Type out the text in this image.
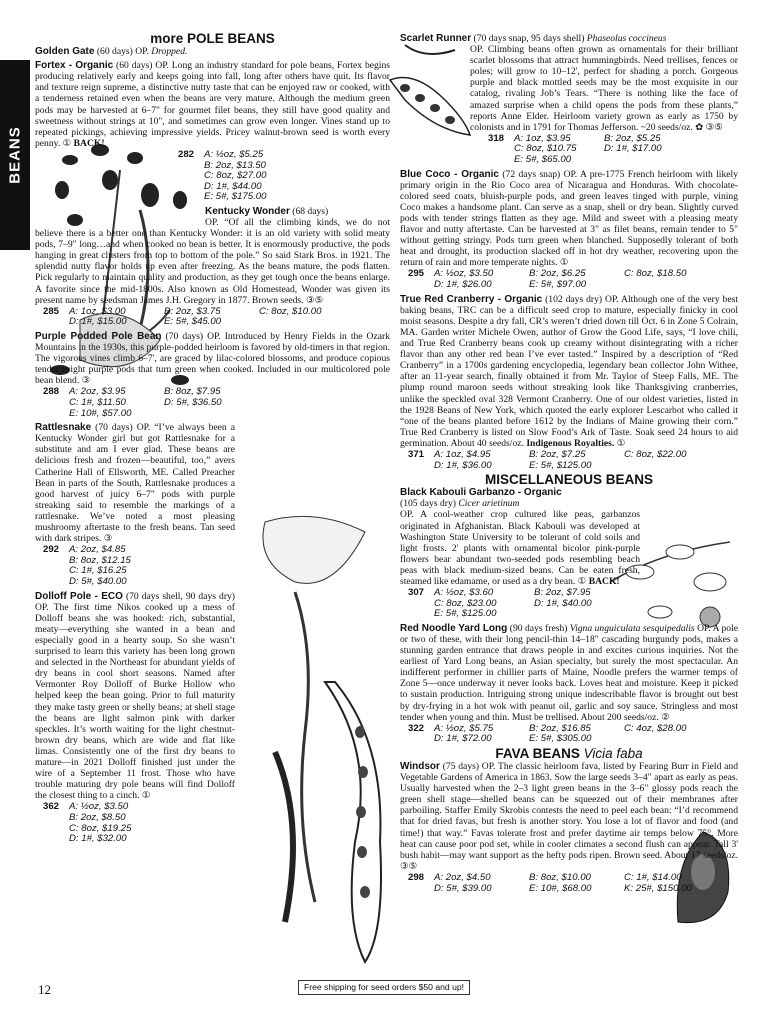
BEANS
more POLE BEANS

Golden Gate (60 days) OP. Dropped.

Fortex - Organic (60 days) OP. Long an industry standard for pole beans, Fortex begins producing relatively early and keeps going into fall, long after others have quit. Its flavor and texture reign supreme, a distinctive nutty taste that can be enjoyed raw or cooked, with a tenderness retained even when the beans are very mature. Although the medium green pods may be harvested at 6–7" for gourmet filet beans, they still have good quality and sweetness without strings at 10", and sometimes can grow even longer. Vines stand up to repeated pickings, achieving impressive yields. Pricey walnut-brown seed is worth every penny. ① BACK!

282	A: ½oz, $5.25
B: 2oz, $13.50
C: 8oz, $27.00
D: 1#, $44.00
E: 5#, $175.00

Kentucky Wonder (68 days)

OP. “Of all the climbing kinds, we do not believe there is a better one than Kentucky Wonder: it is an old variety with solid meaty pods, 7–9" long…and when cooked no bean is better. It is enormously productive, the pods hanging in great clusters from top to bottom of the pole.” So said Stark Bros. in 1921. The splendid nutty flavor holds up even after freezing. As the beans mature, the pods flatten. Pick regularly to maintain quality and production, as they get tough once the beans enlarge. A favorite since the mid-1800s. Also known as Old Homestead, Wonder was given its present name by seedsman James J.H. Gregory in 1877. Brown seeds. ③⑤

285	A: 1oz, $3.00	B: 2oz, $3.75	C: 8oz, $10.00
D: 1#, $15.00	E: 5#, $45.00

Purple Podded Pole Bean (70 days) OP. Introduced by Henry Fields in the Ozark Mountains in the 1930s, this purple-podded heirloom is favored by old-timers in that region. The vigorous vines climb 6–7', are graced by lilac-colored blossoms, and produce copious tender bright purple pods that turn green when cooked. Included in our multicolored pole bean blend. ③

288	A: 2oz, $3.95	B: 8oz, $7.95
C: 1#, $11.50	D: 5#, $36.50
E: 10#, $57.00

Rattlesnake (70 days) OP. “I’ve always been a Kentucky Wonder girl but got Rattlesnake for a substitute and am I ever glad. These beans are delicious fresh and frozen—beautiful, too,” avers Catherine Hall of Ellsworth, ME. Called Preacher Bean in parts of the South, Rattlesnake produces a good harvest of juicy 6–7" pods with purple streaking said to resemble the markings of a rattlesnake. We’ve noted a most pleasing mushroomy aftertaste to the fresh beans. Tan seed with dark stripes. ③

292	A: 2oz, $4.85
B: 8oz, $12.15
C: 1#, $16.25
D: 5#, $40.00

Dolloff Pole - ECO (70 days shell, 90 days dry) OP. The first time Nikos cooked up a mess of Dolloff beans she was hooked: rich, substantial, meaty—everything she wanted in a bean and especially good in a hearty soup. So she wasn’t surprised to learn this variety has been long grown and selected in the Northeast for abundant yields of dry beans in cool short seasons. Named after Vermonter Roy Dolloff of Burke Hollow who helped keep the bean going. Prior to full maturity they make tasty green or shelly beans; at shell stage the beans are light salmon pink with darker speckles. It’s worth waiting for the light chestnut-brown dry beans, which are wide and flat like limas. Consistently one of the first dry beans to mature—in 2021 Dolloff finished just under the wire of a September 11 frost. Those who have trouble maturing dry pole beans will find Dolloff the closest thing to a cinch. ①

362	A: ½oz, $3.50
B: 2oz, $8.50
C: 8oz, $19.25
D: 1#, $32.00

Scarlet Runner (70 days snap, 95 days shell) Phaseolus coccineus

OP. Climbing beans often grown as ornamentals for their brilliant scarlet blossoms that attract hummingbirds. Need trellises, fences or poles; will grow to 10–12', perfect for shading a porch. Gorgeous purple and black mottled seeds may be the most exquisite in our catalog, rivaling Job’s Tears. “There is nothing like the face of amazed surprise when a child opens the pods from these plants,” reports Anne Elder. Heirloom variety grown as early as 1750 by colonists and in 1791 for Thomas Jefferson. ~20 seeds/oz. ✿ ③⑤

318	A: 1oz, $3.95	B: 2oz, $5.25
C: 8oz, $10.75	D: 1#, $17.00
E: 5#, $65.00

Blue Coco - Organic (72 days snap) OP. A pre-1775 French heirloom with likely primary origin in the Rio Coco area of Nicaragua and Honduras. With chocolate-colored seed coats, bluish-purple pods, and green leaves tinged with purple, vining Coco makes a handsome plant. Can serve as a snap, shell or dry bean. Slightly curved pods with tender strings flatten as they age. Mild and sweet with a pleasing meaty flavor and nutty aftertaste. Can be harvested at 3" as filet beans, remain tender to 5" without getting stringy. Pods turn green when blanched. Supposedly tolerant of both heat and drought, its production slacked off in hot dry weather, recovering upon the return of rain and more temperate nights. ①

295	A: ½oz, $3.50	B: 2oz, $6.25	C: 8oz, $18.50
D: 1#, $26.00	E: 5#, $97.00

True Red Cranberry - Organic (102 days dry) OP. Although one of the very best baking beans, TRC can be a difficult seed crop to mature, especially finicky in cool moist seasons. Despite a dry fall, CR’s weren’t dried down till Oct. 6 in Zone 5 Colrain, MA. Garden writer Michele Owen, author of Grow the Good Life, says, “I love chili, and True Red Cranberry beans cook up creamy without disintegrating with a richer flavor than any other red bean I’ve ever tasted.” Inspired by a description of “Red Cranberry” in a 1700s gardening encyclopedia, legendary bean collector John Withee, after an 11-year search, finally obtained it from Mr. Taylor of Steep Falls, ME. The plump round maroon seeds without streaking look like Thanksgiving cranberries, unlike the speckled oval 328 Vermont Cranberry. One of our oldest varieties, listed in the 1928 Beans of New York, which quoted the early explorer Lescarbot who called it “one of the beans planted before 1612 by the Indians of Maine growing their corn.” True Red Cranberry is listed on Slow Food’s Ark of Taste. Soak seed 24 hours to aid germination. About 40 seeds/oz. Indigenous Royalties. ①

371	A: 1oz, $4.95	B: 2oz, $7.25	C: 8oz, $22.00
D: 1#, $36.00	E: 5#, $125.00
MISCELLANEOUS BEANS

Black Kabouli Garbanzo - Organic

(105 days dry) Cicer arietinum

OP. A cool-weather crop cultured like peas, garbanzos originated in Afghanistan. Black Kabouli was developed at Washington State University to be tolerant of cold soils and light frosts. 2' plants with ornamental bicolor pink-purple flowers bear abundant two-seeded pods resembling beach peas with black medium-sized beans. Can be eaten fresh, steamed like edamame, or used as a dry bean. ① BACK!

307	A: ½oz, $3.60	B: 2oz, $7.95
C: 8oz, $23.00	D: 1#, $40.00
E: 5#, $125.00

Red Noodle Yard Long (90 days fresh) Vigna unguiculata sesquipedalis OP. A pole or two of these, with their long pencil-thin 14–18" cascading burgundy pods, makes a stunning garden entrance that draws people in and excites curious inquiries. Not the earliest of Yard Long beans, an Asian specialty, but surely the most spectacular. An indifferent performer in chillier parts of Maine, Noodle prefers the warmer temps of Zone 5—once underway it never looks back. Loves heat and moisture. Keep it picked to sustain production. Intriguing strong unique indescribable flavor is brought out best by dry-frying in a hot wok with peanut oil, garlic and soy sauce. Stringless and most tender when young and thin. Must be trellised. About 200 seeds/oz. ②

322	A: ½oz, $5.75	B: 2oz, $16.85	C: 4oz, $28.00
D: 1#, $72.00	E: 5#, $305.00
FAVA BEANS Vicia faba

Windsor (75 days) OP. The classic heirloom fava, listed by Fearing Burr in Field and Vegetable Gardens of America in 1863. Sow the large seeds 3–4" apart as early as peas. Usually harvested when the 2–3 light green beans in the 3–6" glossy pods reach the green shell stage—shelled beans can be squeezed out of their membranes after parboiling. Staffer Emily Skrobis contests the need to peel each bean: “I’d recommend that for dried favas, but fresh is another story. You lose a lot of flavor and food (and time!) that way.” Favas tolerate frost and prefer daytime air temps below 75°. More heat can cause poor pod set, while in cooler climates a second flush can appear. Tall 3' bush habit—may want support as the hefty pods ripen. Brown seed. About 17 seeds/oz. ③⑤

298	A: 2oz, $4.50	B: 8oz, $10.00	C: 1#, $14.00
D: 5#, $39.00	E: 10#, $68.00	K: 25#, $150.00
12	Free shipping for seed orders $50 and up!
